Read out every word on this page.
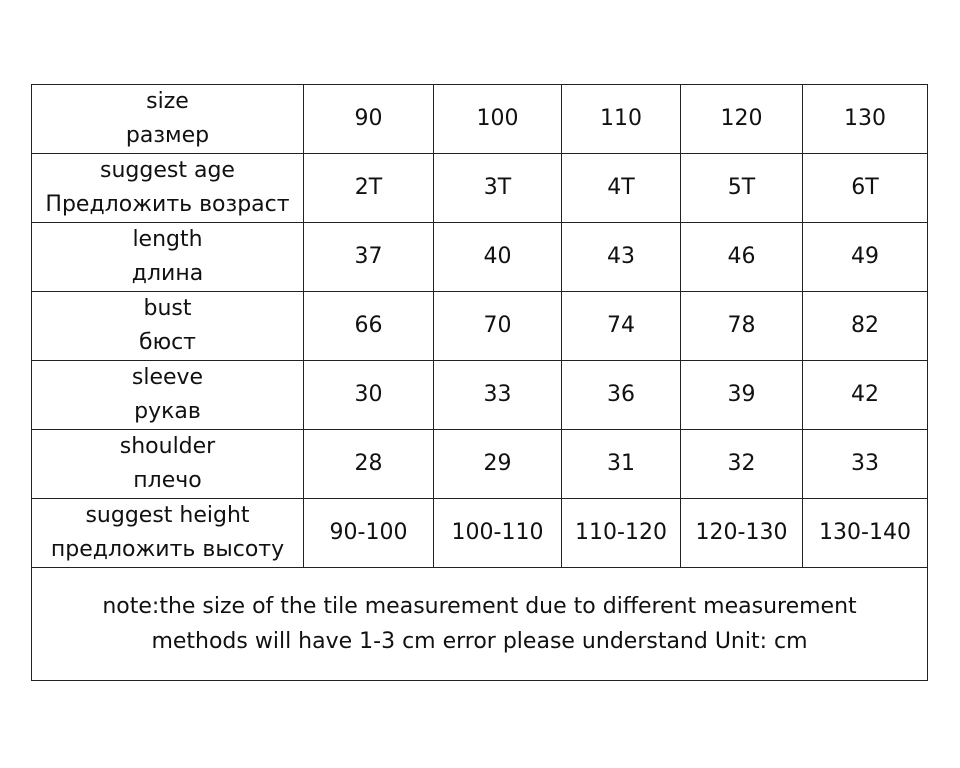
size
размер	90	100	110	120	130

suggest age
Предложить возраст	2T	3T	4T	5T	6T

length
длина	37	40	43	46	49

bust
бюст	66	70	74	78	82

sleeve
рукав	30	33	36	39	42

shoulder
плечо	28	29	31	32	33

suggest height
предложить высоту	90-100	100-110	110-120	120-130	130-140

note:the size of the tile measurement due to different measurement
methods will have 1-3 cm error please understand Unit: cm					
